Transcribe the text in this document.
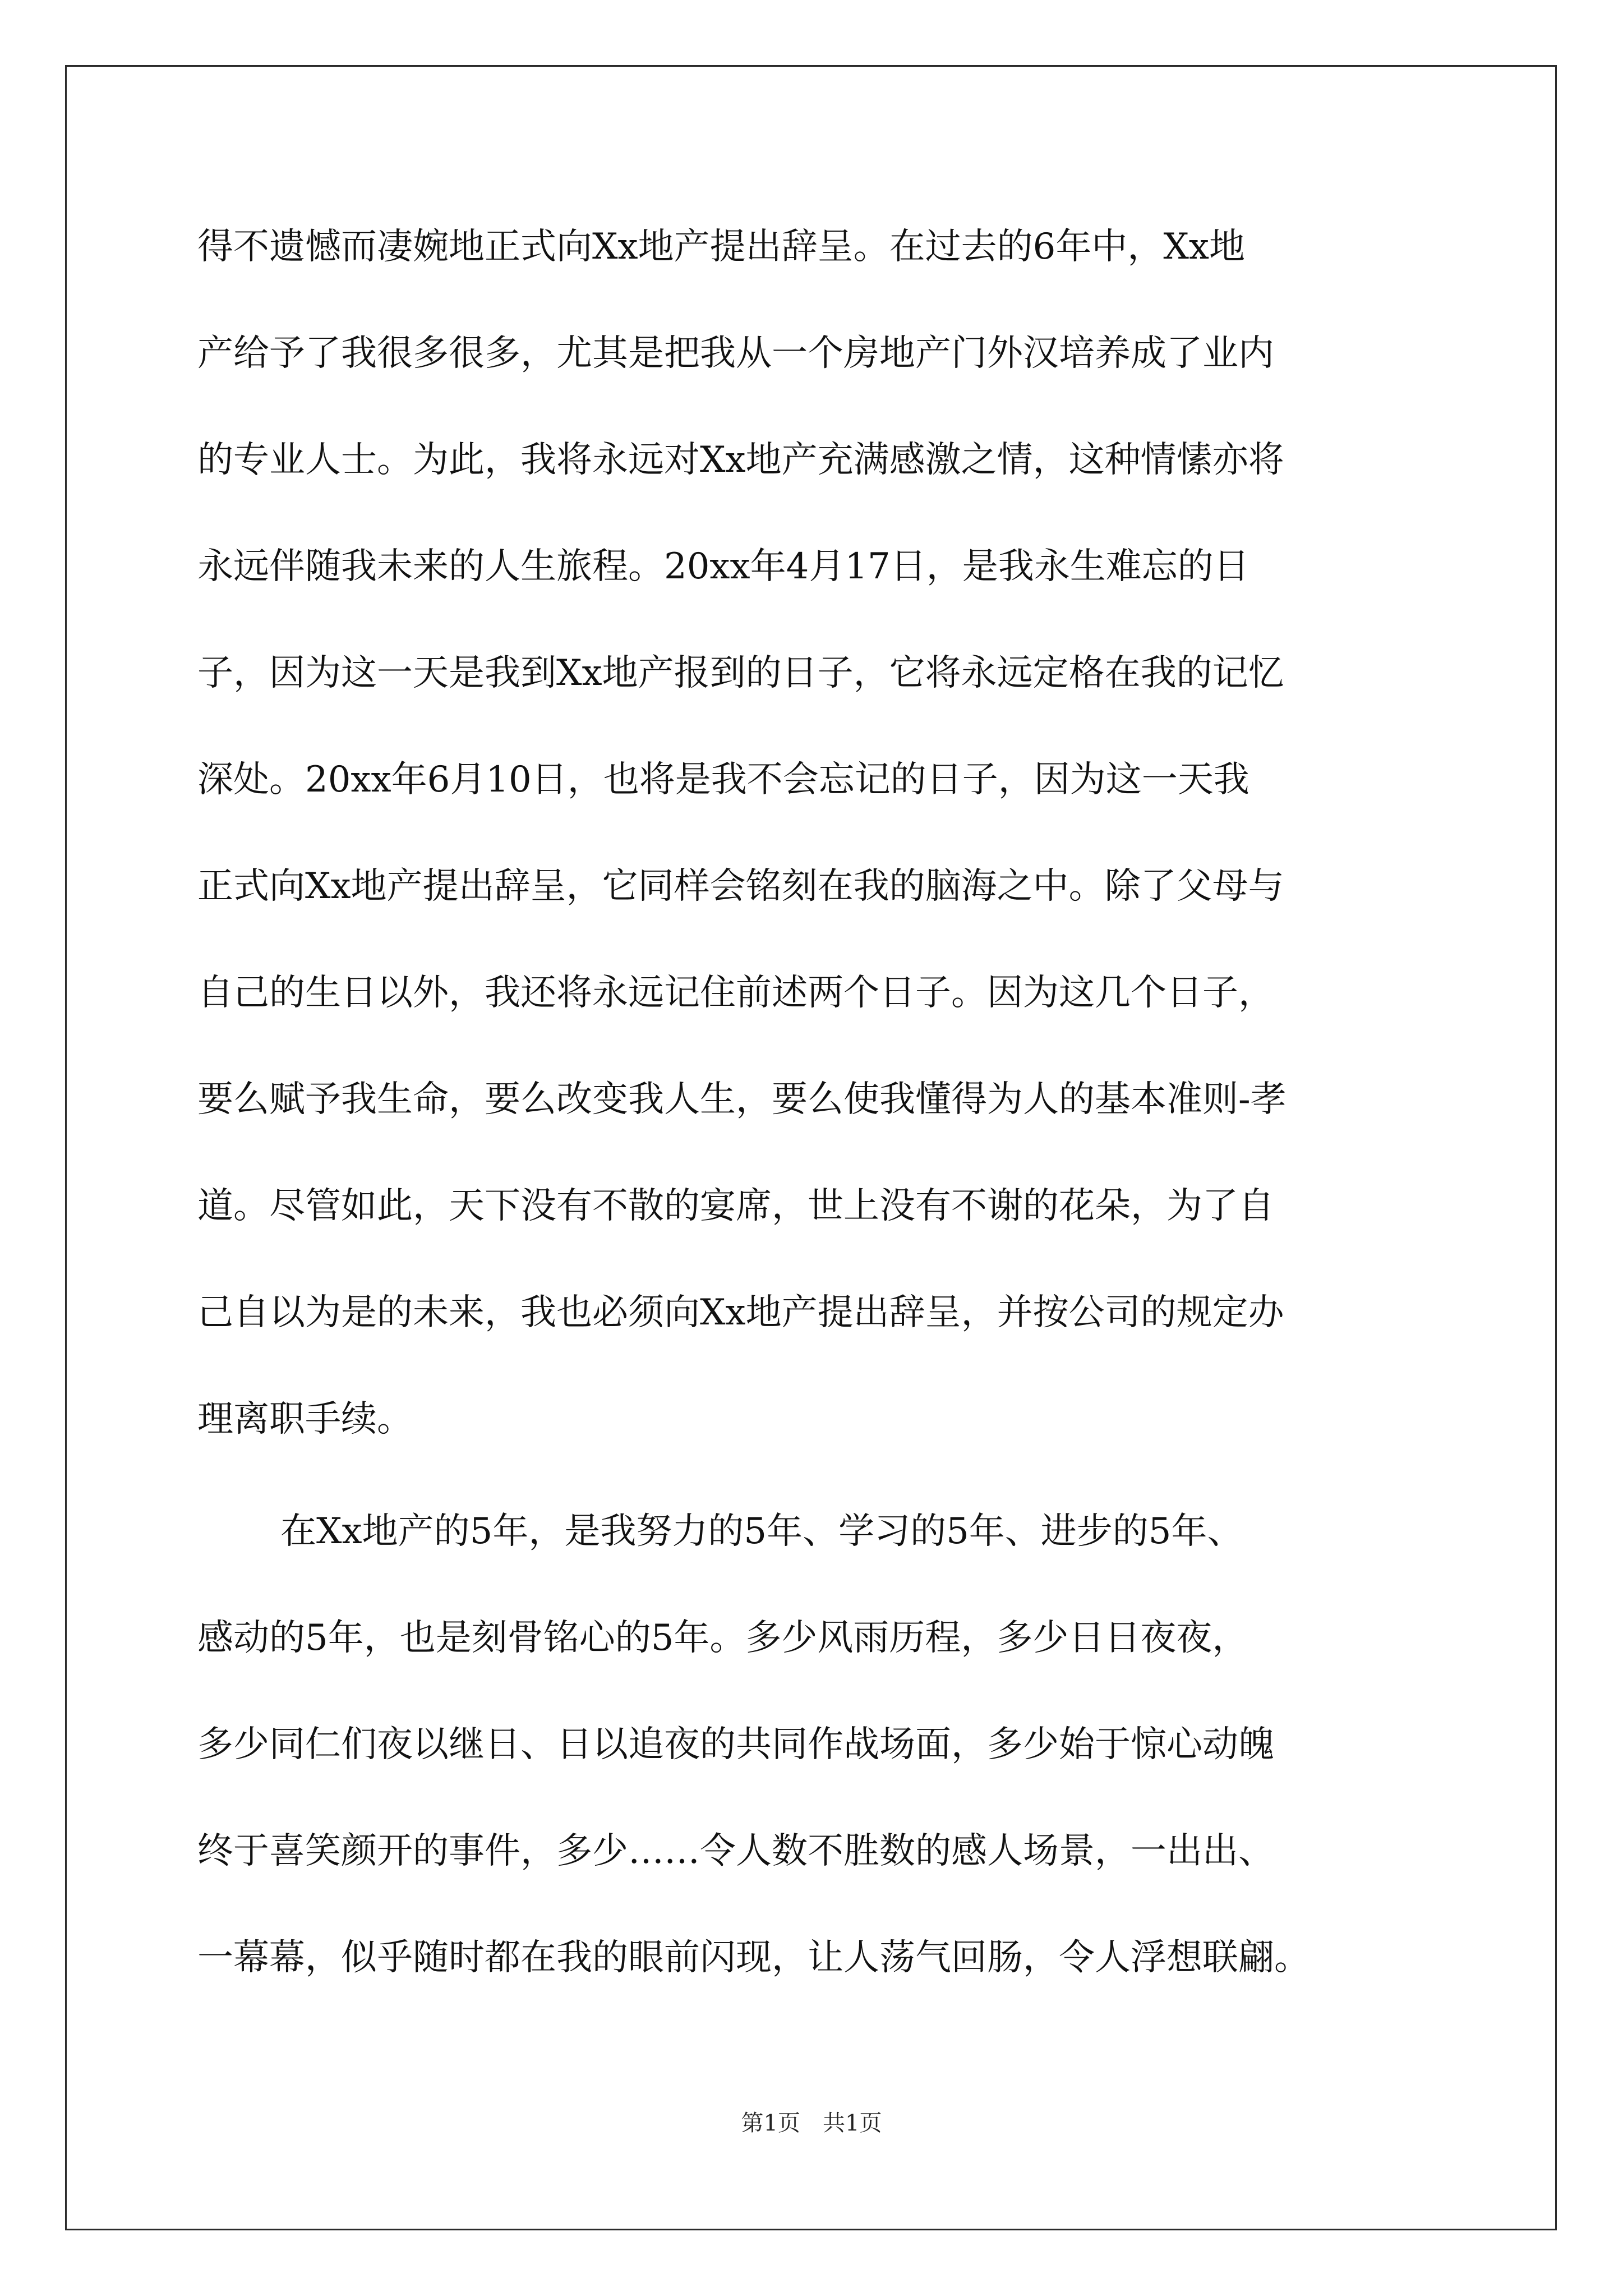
得不遗憾而凄婉地正式向Xx地产提出辞呈。在过去的6年中，Xx地
产给予了我很多很多，尤其是把我从一个房地产门外汉培养成了业内
的专业人士。为此，我将永远对Xx地产充满感激之情，这种情愫亦将
永远伴随我未来的人生旅程。20xx年4月17日，是我永生难忘的日
子，因为这一天是我到Xx地产报到的日子，它将永远定格在我的记忆
深处。20xx年6月10日，也将是我不会忘记的日子，因为这一天我
正式向Xx地产提出辞呈，它同样会铭刻在我的脑海之中。除了父母与
自己的生日以外，我还将永远记住前述两个日子。因为这几个日子，
要么赋予我生命，要么改变我人生，要么使我懂得为人的基本准则-孝
道。尽管如此，天下没有不散的宴席，世上没有不谢的花朵，为了自
己自以为是的未来，我也必须向Xx地产提出辞呈，并按公司的规定办
理离职手续。
在Xx地产的5年，是我努力的5年、学习的5年、进步的5年、
感动的5年，也是刻骨铭心的5年。多少风雨历程，多少日日夜夜，
多少同仁们夜以继日、日以追夜的共同作战场面，多少始于惊心动魄
终于喜笑颜开的事件，多少……令人数不胜数的感人场景，一出出、
一幕幕，似乎随时都在我的眼前闪现，让人荡气回肠，令人浮想联翩。
第1页　共1页
